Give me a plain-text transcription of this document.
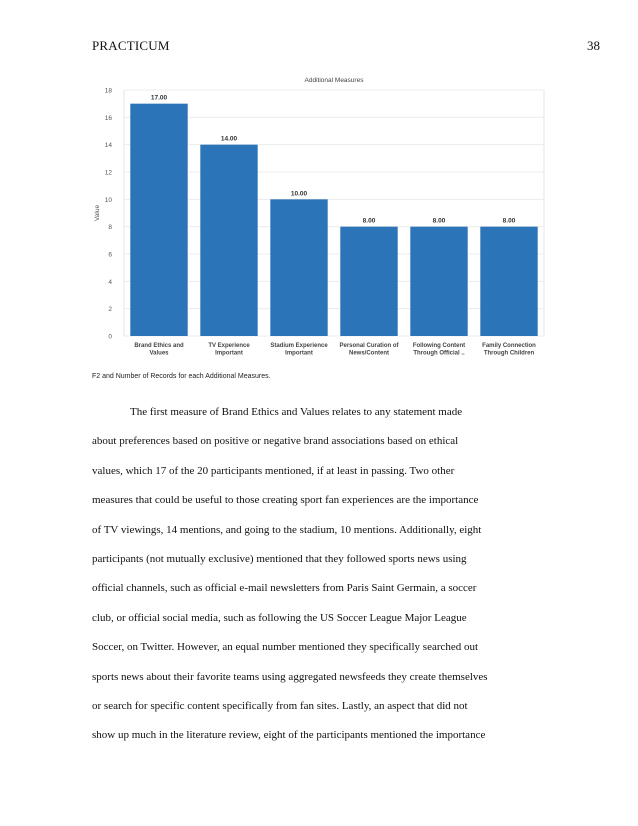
PRACTICUM	38
Additional Measures
0
2
4
6
8
10
12
14
16
18
Value
17.00
Brand Ethics and
Values
14.00
TV Experience
Important
10.00
Stadium Experience
Important
8.00
Personal Curation of
News/Content
8.00
Following Content
Through Official ..
8.00
Family Connection
Through Children
F2 and Number of Records for each Additional Measures.
The first measure of Brand Ethics and Values relates to any statement made
about preferences based on positive or negative brand associations based on ethical
values, which 17 of the 20 participants mentioned, if at least in passing. Two other
measures that could be useful to those creating sport fan experiences are the importance
of TV viewings, 14 mentions, and going to the stadium, 10 mentions. Additionally, eight
participants (not mutually exclusive) mentioned that they followed sports news using
official channels, such as official e-mail newsletters from Paris Saint Germain, a soccer
club, or official social media, such as following the US Soccer League Major League
Soccer, on Twitter. However, an equal number mentioned they specifically searched out
sports news about their favorite teams using aggregated newsfeeds they create themselves
or search for specific content specifically from fan sites. Lastly, an aspect that did not
show up much in the literature review, eight of the participants mentioned the importance
